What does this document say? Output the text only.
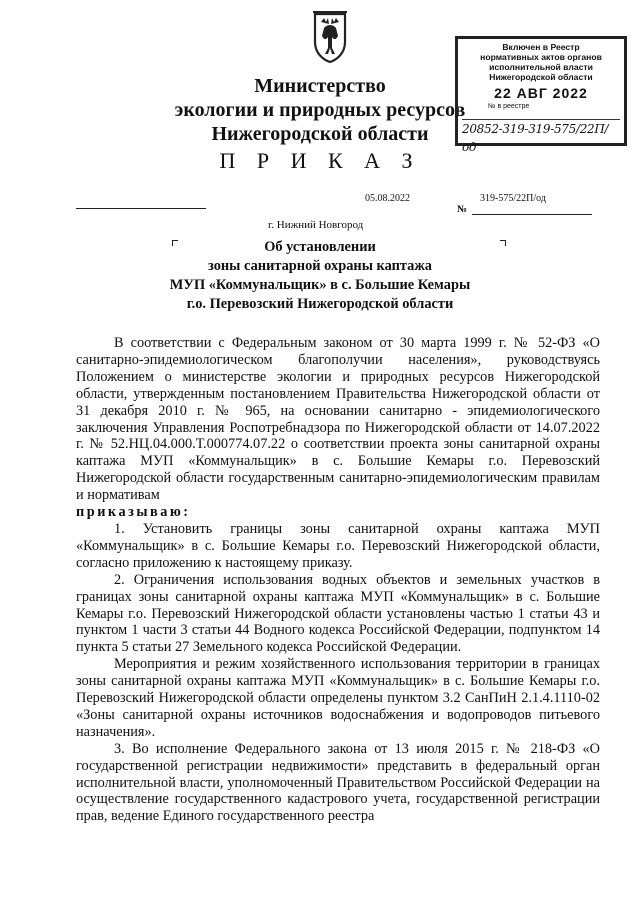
Министерство
экологии и природных ресурсов
Нижегородской области
Включен в Реестр
нормативных актов органов
исполнительной власти
Нижегородской области
22 АВГ 2022
№ в реестре
20852-319-319-575/22П/од
П Р И К А З
05.08.2022	319-575/22П/од
№
г. Нижний Новгород
Об установлении
зоны санитарной охраны каптажа
МУП «Коммунальщик» в с. Большие Кемары
г.о. Перевозский Нижегородской области

В соответствии с Федеральным законом от 30 марта 1999 г. № 52-ФЗ «О санитарно-эпидемиологическом благополучии населения», руководствуясь Положением о министерстве экологии и природных ресурсов Нижегородской области, утвержденным постановлением Правительства Нижегородской области от 31 декабря 2010 г. № 965, на основании санитарно - эпидемиологического заключения Управления Роспотребнадзора по Нижегородской области от 14.07.2022 г. № 52.НЦ.04.000.Т.000774.07.22 о соответствии проекта зоны санитарной охраны каптажа МУП «Коммунальщик» в с. Большие Кемары г.о. Перевозский Нижегородской области государственным санитарно-эпидемиологическим правилам и нормативам

приказываю:

1. Установить границы зоны санитарной охраны каптажа МУП «Коммунальщик» в с. Большие Кемары г.о. Перевозский Нижегородской области, согласно приложению к настоящему приказу.

2. Ограничения использования водных объектов и земельных участков в границах зоны санитарной охраны каптажа МУП «Коммунальщик» в с. Большие Кемары г.о. Перевозский Нижегородской области установлены частью 1 статьи 43 и пунктом 1 части 3 статьи 44 Водного кодекса Российской Федерации, подпунктом 14 пункта 5 статьи 27 Земельного кодекса Российской Федерации.

Мероприятия и режим хозяйственного использования территории в границах зоны санитарной охраны каптажа МУП «Коммунальщик» в с. Большие Кемары г.о. Перевозский Нижегородской области определены пунктом 3.2 СанПиН 2.1.4.1110-02 «Зоны санитарной охраны источников водоснабжения и водопроводов питьевого назначения».

3. Во исполнение Федерального закона от 13 июля 2015 г. № 218-ФЗ «О государственной регистрации недвижимости» представить в федеральный орган исполнительной власти, уполномоченный Правительством Российской Федерации на осуществление государственного кадастрового учета, государственной регистрации прав, ведение Единого государственного реестра
